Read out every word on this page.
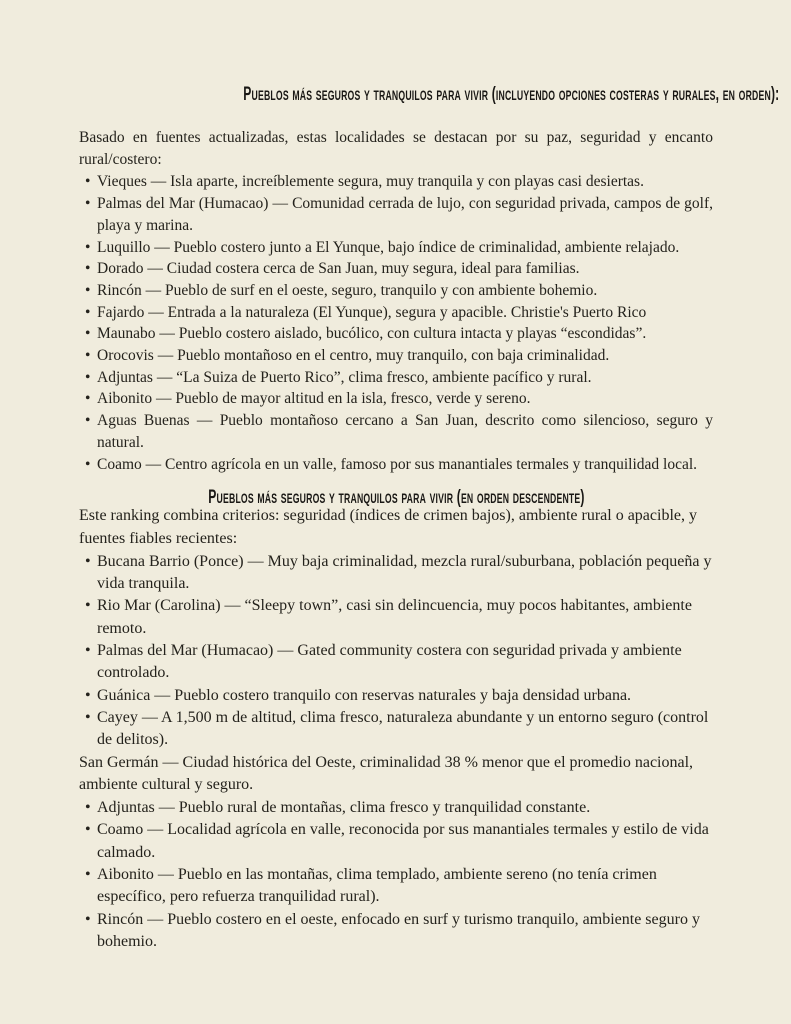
Pueblos más seguros y tranquilos para vivir (incluyendo opciones costeras y rurales, en orden):

Basado en fuentes actualizadas, estas localidades se destacan por su paz, seguridad y encanto rural/costero:

• Vieques — Isla aparte, increíblemente segura, muy tranquila y con playas casi desiertas.
• Palmas del Mar (Humacao) — Comunidad cerrada de lujo, con seguridad privada, campos de golf, playa y marina.
• Luquillo — Pueblo costero junto a El Yunque, bajo índice de criminalidad, ambiente relajado.
• Dorado — Ciudad costera cerca de San Juan, muy segura, ideal para familias.
• Rincón — Pueblo de surf en el oeste, seguro, tranquilo y con ambiente bohemio.
• Fajardo — Entrada a la naturaleza (El Yunque), segura y apacible. Christie's Puerto Rico
• Maunabo — Pueblo costero aislado, bucólico, con cultura intacta y playas “escondidas”.
• Orocovis — Pueblo montañoso en el centro, muy tranquilo, con baja criminalidad.
• Adjuntas — “La Suiza de Puerto Rico”, clima fresco, ambiente pacífico y rural.
• Aibonito — Pueblo de mayor altitud en la isla, fresco, verde y sereno.
• Aguas Buenas — Pueblo montañoso cercano a San Juan, descrito como silencioso, seguro y natural.
• Coamo — Centro agrícola en un valle, famoso por sus manantiales termales y tranquilidad local.
Pueblos más seguros y tranquilos para vivir (en orden descendente)

Este ranking combina criterios: seguridad (índices de crimen bajos), ambiente rural o apacible, y fuentes fiables recientes:

• Bucana Barrio (Ponce) — Muy baja criminalidad, mezcla rural/suburbana, población pequeña y vida tranquila.
• Rio Mar (Carolina) — “Sleepy town”, casi sin delincuencia, muy pocos habitantes, ambiente remoto.
• Palmas del Mar (Humacao) — Gated community costera con seguridad privada y ambiente controlado.
• Guánica — Pueblo costero tranquilo con reservas naturales y baja densidad urbana.
• Cayey — A 1,500 m de altitud, clima fresco, naturaleza abundante y un entorno seguro (control de delitos).

San Germán — Ciudad histórica del Oeste, criminalidad 38 % menor que el promedio nacional, ambiente cultural y seguro.

• Adjuntas — Pueblo rural de montañas, clima fresco y tranquilidad constante.
• Coamo — Localidad agrícola en valle, reconocida por sus manantiales termales y estilo de vida calmado.
• Aibonito — Pueblo en las montañas, clima templado, ambiente sereno (no tenía crimen específico, pero refuerza tranquilidad rural).
• Rincón — Pueblo costero en el oeste, enfocado en surf y turismo tranquilo, ambiente seguro y bohemio.
